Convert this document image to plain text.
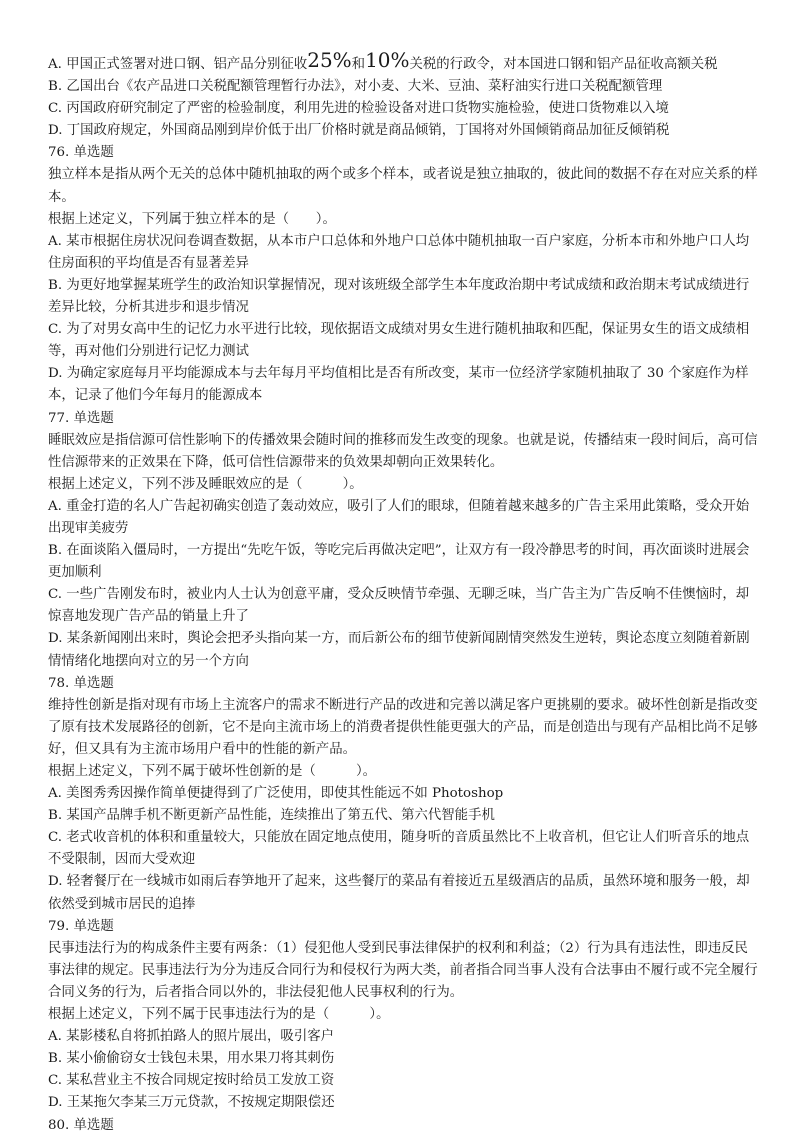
A. 甲国正式签署对进口钢、铝产品分别征收25%和10%关税的行政令，对本国进口钢和铝产品征收高额关税
B. 乙国出台《农产品进口关税配额管理暂行办法》，对小麦、大米、豆油、菜籽油实行进口关税配额管理
C. 丙国政府研究制定了严密的检验制度，利用先进的检验设备对进口货物实施检验，使进口货物难以入境
D. 丁国政府规定，外国商品刚到岸价低于出厂价格时就是商品倾销，丁国将对外国倾销商品加征反倾销税
76. 单选题
独立样本是指从两个无关的总体中随机抽取的两个或多个样本，或者说是独立抽取的，彼此间的数据不存在对应关系的样本。
根据上述定义，下列属于独立样本的是（　　）。
A. 某市根据住房状况问卷调查数据，从本市户口总体和外地户口总体中随机抽取一百户家庭，分析本市和外地户口人均住房面积的平均值是否有显著差异
B. 为更好地掌握某班学生的政治知识掌握情况，现对该班级全部学生本年度政治期中考试成绩和政治期末考试成绩进行差异比较，分析其进步和退步情况
C. 为了对男女高中生的记忆力水平进行比较，现依据语文成绩对男女生进行随机抽取和匹配，保证男女生的语文成绩相等，再对他们分别进行记忆力测试
D. 为确定家庭每月平均能源成本与去年每月平均值相比是否有所改变，某市一位经济学家随机抽取了 30 个家庭作为样本，记录了他们今年每月的能源成本
77. 单选题
睡眠效应是指信源可信性影响下的传播效果会随时间的推移而发生改变的现象。也就是说，传播结束一段时间后，高可信性信源带来的正效果在下降，低可信性信源带来的负效果却朝向正效果转化。
根据上述定义，下列不涉及睡眠效应的是（　　　）。
A. 重金打造的名人广告起初确实创造了轰动效应，吸引了人们的眼球，但随着越来越多的广告主采用此策略，受众开始出现审美疲劳
B. 在面谈陷入僵局时，一方提出“先吃午饭，等吃完后再做决定吧”，让双方有一段冷静思考的时间，再次面谈时进展会更加顺利
C. 一些广告刚发布时，被业内人士认为创意平庸，受众反映情节牵强、无聊乏味，当广告主为广告反响不佳懊恼时，却惊喜地发现广告产品的销量上升了
D. 某条新闻刚出来时，舆论会把矛头指向某一方，而后新公布的细节使新闻剧情突然发生逆转，舆论态度立刻随着新剧情情绪化地摆向对立的另一个方向
78. 单选题
维持性创新是指对现有市场上主流客户的需求不断进行产品的改进和完善以满足客户更挑剔的要求。破坏性创新是指改变了原有技术发展路径的创新，它不是向主流市场上的消费者提供性能更强大的产品，而是创造出与现有产品相比尚不足够好，但又具有为主流市场用户看中的性能的新产品。
根据上述定义，下列不属于破坏性创新的是（　　　）。
A. 美图秀秀因操作简单便捷得到了广泛使用，即使其性能远不如 Photoshop
B. 某国产品牌手机不断更新产品性能，连续推出了第五代、第六代智能手机
C. 老式收音机的体积和重量较大，只能放在固定地点使用，随身听的音质虽然比不上收音机，但它让人们听音乐的地点不受限制，因而大受欢迎
D. 轻奢餐厅在一线城市如雨后春笋地开了起来，这些餐厅的菜品有着接近五星级酒店的品质，虽然环境和服务一般，却依然受到城市居民的追捧
79. 单选题
民事违法行为的构成条件主要有两条：（1）侵犯他人受到民事法律保护的权利和利益；（2）行为具有违法性，即违反民事法律的规定。民事违法行为分为违反合同行为和侵权行为两大类，前者指合同当事人没有合法事由不履行或不完全履行合同义务的行为，后者指合同以外的，非法侵犯他人民事权利的行为。
根据上述定义，下列不属于民事违法行为的是（　　　）。
A. 某影楼私自将抓拍路人的照片展出，吸引客户
B. 某小偷偷窃女士钱包未果，用水果刀将其刺伤
C. 某私营业主不按合同规定按时给员工发放工资
D. 王某拖欠李某三万元贷款，不按规定期限偿还
80. 单选题
